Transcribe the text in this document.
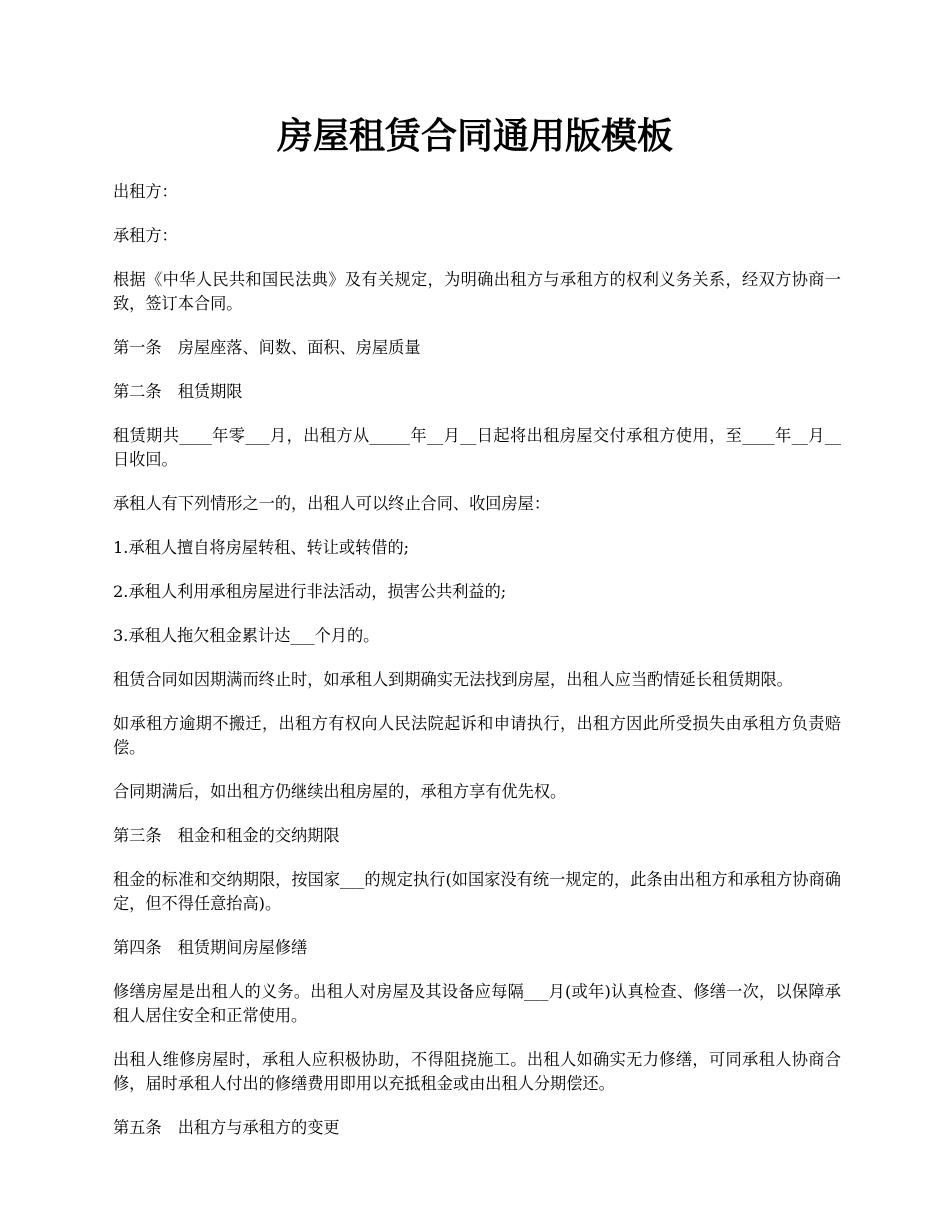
房屋租赁合同通用版模板

出租方：

承租方：

根据《中华人民共和国民法典》及有关规定，为明确出租方与承租方的权利义务关系，经双方协商一致，签订本合同。

第一条　房屋座落、间数、面积、房屋质量

第二条　租赁期限

租赁期共____年零___月，出租方从_____年__月__日起将出租房屋交付承租方使用，至____年__月__日收回。

承租人有下列情形之一的，出租人可以终止合同、收回房屋：

1.承租人擅自将房屋转租、转让或转借的;

2.承租人利用承租房屋进行非法活动，损害公共利益的;

3.承租人拖欠租金累计达___个月的。

租赁合同如因期满而终止时，如承租人到期确实无法找到房屋，出租人应当酌情延长租赁期限。

如承租方逾期不搬迁，出租方有权向人民法院起诉和申请执行，出租方因此所受损失由承租方负责赔偿。

合同期满后，如出租方仍继续出租房屋的，承租方享有优先权。

第三条　租金和租金的交纳期限

租金的标准和交纳期限，按国家___的规定执行(如国家没有统一规定的，此条由出租方和承租方协商确定，但不得任意抬高)。

第四条　租赁期间房屋修缮

修缮房屋是出租人的义务。出租人对房屋及其设备应每隔___月(或年)认真检查、修缮一次，以保障承租人居住安全和正常使用。

出租人维修房屋时，承租人应积极协助，不得阻挠施工。出租人如确实无力修缮，可同承租人协商合修，届时承租人付出的修缮费用即用以充抵租金或由出租人分期偿还。

第五条　出租方与承租方的变更
